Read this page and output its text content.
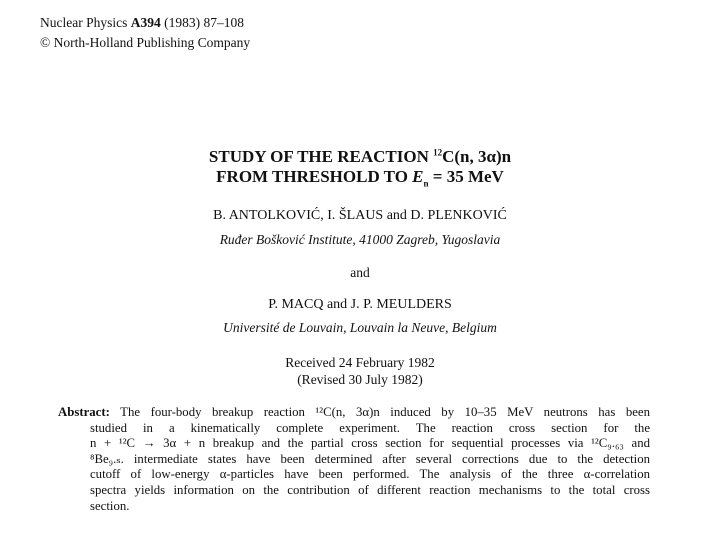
Nuclear Physics A394 (1983) 87–108
© North-Holland Publishing Company
STUDY OF THE REACTION $^{12}$C(n, 3α)n
FROM THRESHOLD TO $E_n = 35$ MeV
B. ANTOLKOVIĆ, I. ŠLAUS and D. PLENKOVIĆ
Ruđer Bošković Institute, 41000 Zagreb, Yugoslavia
and
P. MACQ and J. P. MEULDERS
Université de Louvain, Louvain la Neuve, Belgium
Received 24 February 1982
(Revised 30 July 1982)
Abstract: The four-body breakup reaction ¹²C(n, 3α)n induced by 10–35 MeV neutrons has been
studied in a kinematically complete experiment. The reaction cross section for the
n + ¹²C → 3α + n breakup and the partial cross section for sequential processes via ¹²C₉.₆₃ and
⁸Be₉.ₛ. intermediate states have been determined after several corrections due to the detection
cutoff of low-energy α-particles have been performed. The analysis of the three α-correlation
spectra yields information on the contribution of different reaction mechanisms to the total cross
section.
